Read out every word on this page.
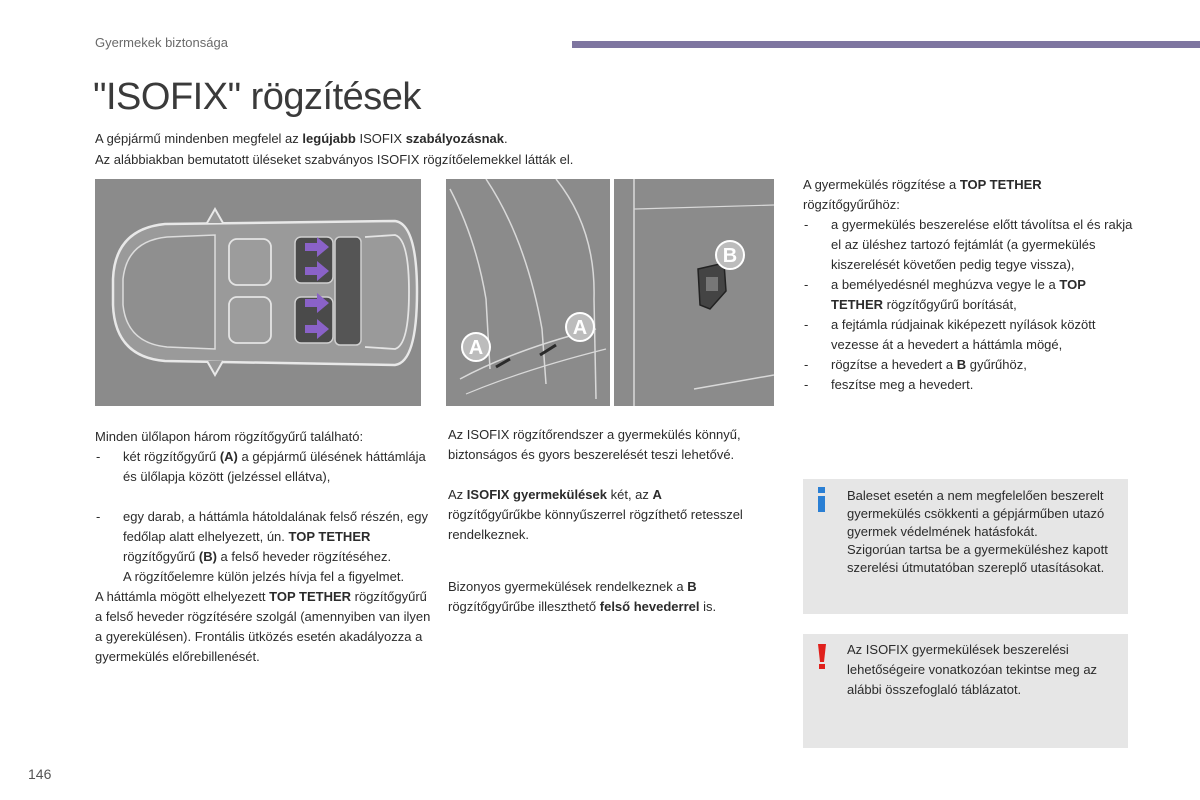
Gyermekek biztonsága
"ISOFIX" rögzítések
A gépjármű mindenben megfelel az legújabb ISOFIX szabályozásnak.
Az alábbiakban bemutatott üléseket szabványos ISOFIX rögzítőelemekkel látták el.
A
A
B

Minden ülőlapon három rögzítőgyűrű található:

- két rögzítőgyűrű (A) a gépjármű ülésének háttámlája és ülőlapja között (jelzéssel ellátva),
- egy darab, a háttámla hátoldalának felső részén, egy fedőlap alatt elhelyezett, ún. TOP TETHER rögzítőgyűrű (B) a felső heveder rögzítéséhez.
A rögzítőelemre külön jelzés hívja fel a figyelmet.

A háttámla mögött elhelyezett TOP TETHER rögzítőgyűrű a felső heveder rögzítésére szolgál (amennyiben van ilyen a gyerekülésen). Frontális ütközés esetén akadályozza a gyermekülés előrebillenését.

Az ISOFIX rögzítőrendszer a gyermekülés könnyű, biztonságos és gyors beszerelését teszi lehetővé.

Az ISOFIX gyermekülések két, az A rögzítőgyűrűkbe könnyűszerrel rögzíthető retesszel rendelkeznek.

Bizonyos gyermekülések rendelkeznek a B rögzítőgyűrűbe illeszthető felső hevederrel is.

A gyermekülés rögzítése a TOP TETHER rögzítőgyűrűhöz:

- a gyermekülés beszerelése előtt távolítsa el és rakja el az üléshez tartozó fejtámlát (a gyermekülés kiszerelését követően pedig tegye vissza),
- a bemélyedésnél meghúzva vegye le a TOP TETHER rögzítőgyűrű borítását,
- a fejtámla rúdjainak kiképezett nyílások között vezesse át a hevedert a háttámla mögé,
- rögzítse a hevedert a B gyűrűhöz,
- feszítse meg a hevedert.
Baleset esetén a nem megfelelően beszerelt gyermekülés csökkenti a gépjárműben utazó gyermek védelmének hatásfokát.
Szigorúan tartsa be a gyermeküléshez kapott szerelési útmutatóban szereplő utasításokat.
Az ISOFIX gyermekülések beszerelési lehetőségeire vonatkozóan tekintse meg az alábbi összefoglaló táblázatot.
146
